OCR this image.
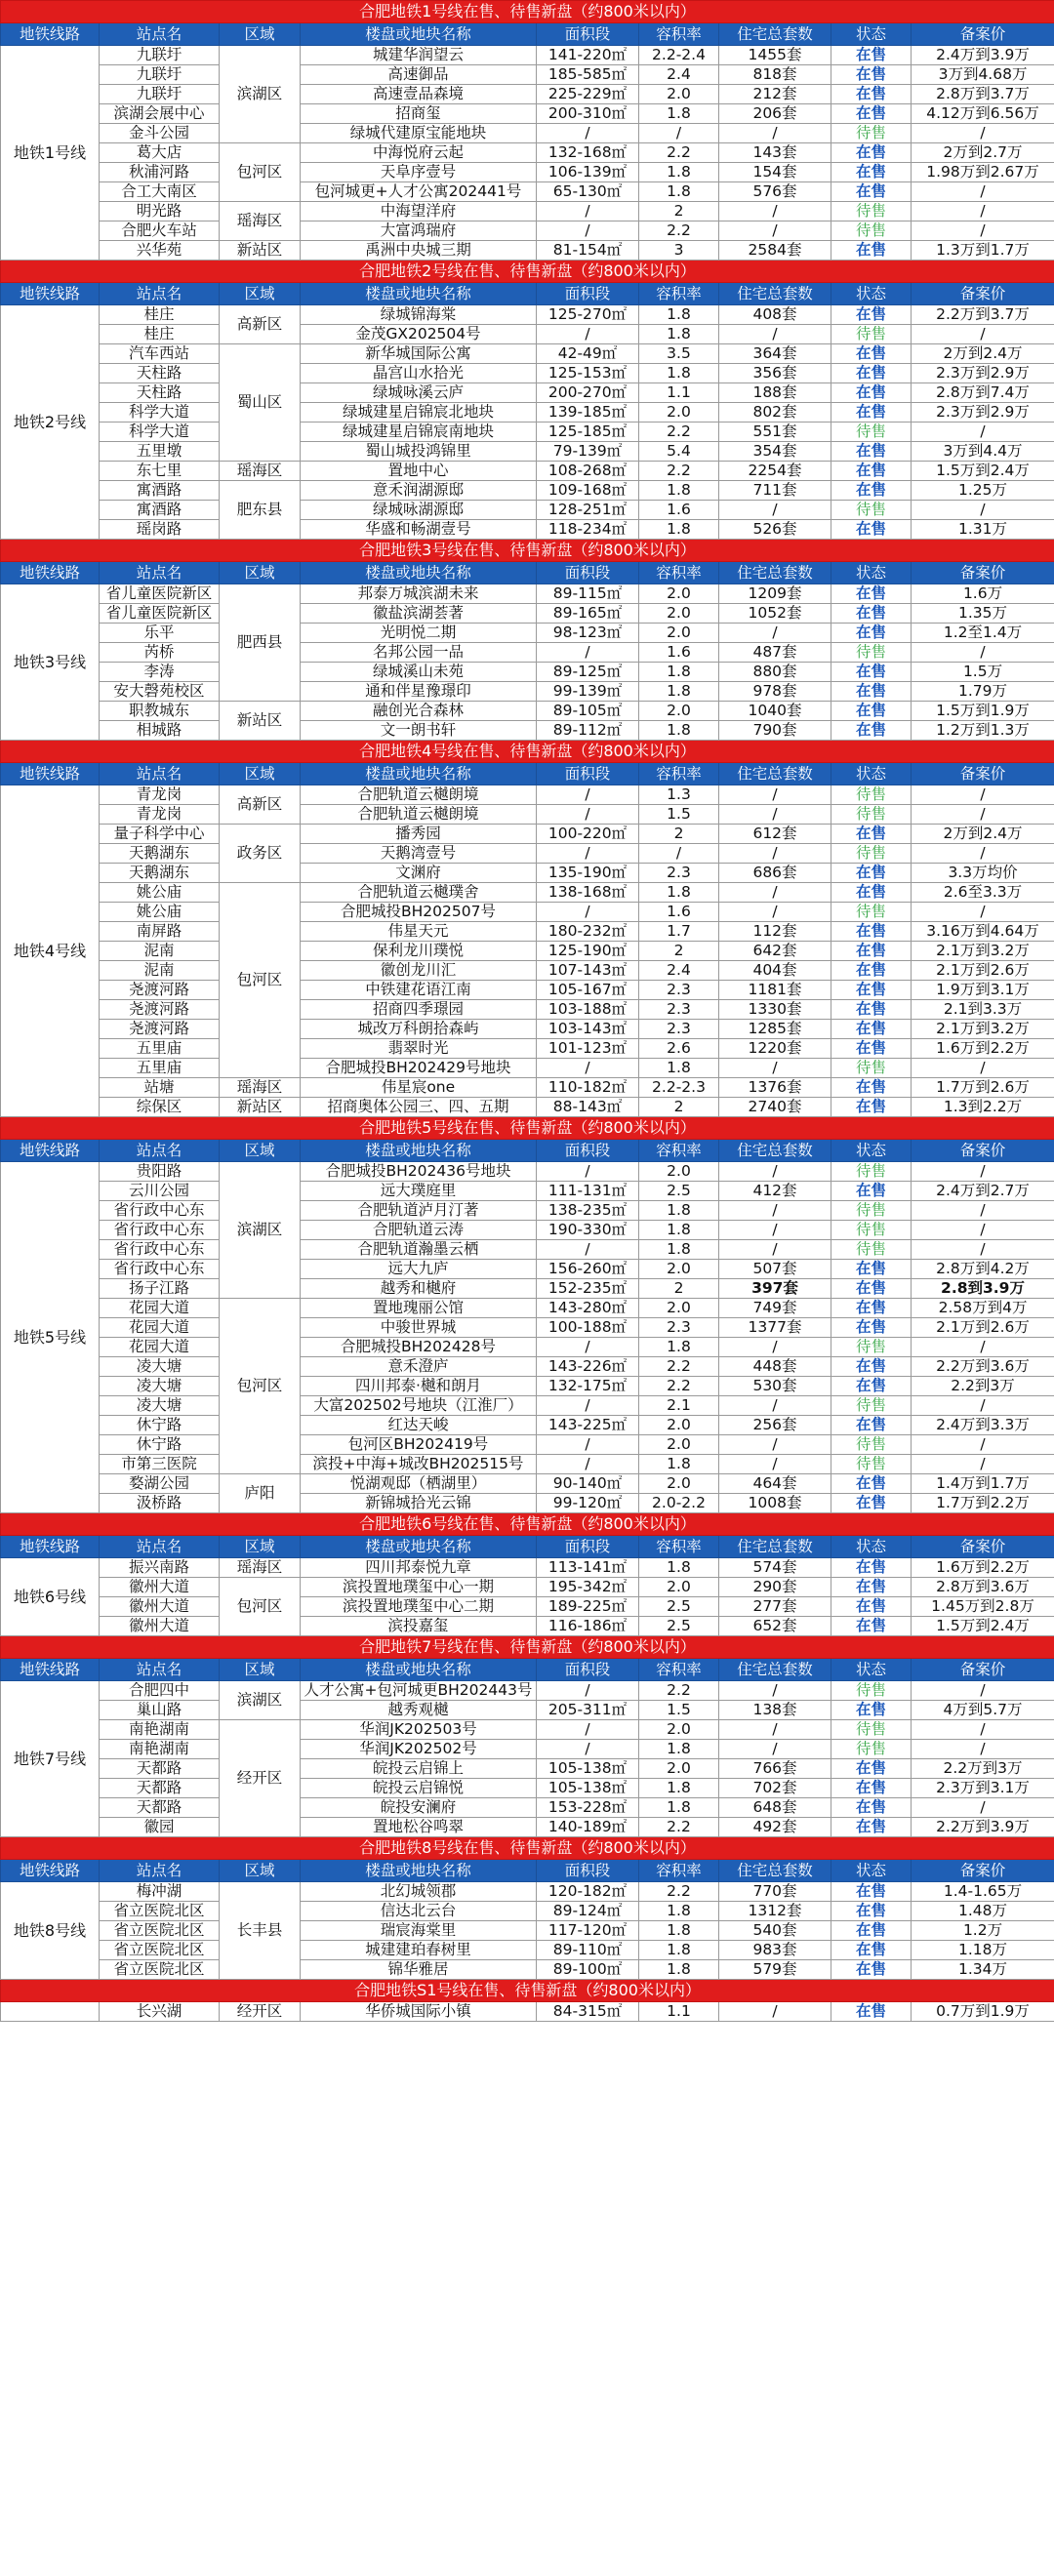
合肥地铁1号线在售、待售新盘（约800米以内）								
地铁线路	站点名	区域	楼盘或地块名称	面积段	容积率	住宅总套数	状态	备案价
地铁1号线	九联圩	滨湖区	城建华润望云	141-220㎡	2.2-2.4	1455套	在售	2.4万到3.9万
	九联圩		高速御品	185-585㎡	2.4	818套	在售	3万到4.68万
	九联圩		高速壹品森境	225-229㎡	2.0	212套	在售	2.8万到3.7万
	滨湖会展中心		招商玺	200-310㎡	1.8	206套	在售	4.12万到6.56万
	金斗公园		绿城代建原宝能地块	/	/	/	待售	/
	葛大店	包河区	中海悦府云起	132-168㎡	2.2	143套	在售	2万到2.7万
	秋浦河路		天阜序壹号	106-139㎡	1.8	154套	在售	1.98万到2.67万
	合工大南区		包河城更+人才公寓202441号	65-130㎡	1.8	576套	在售	/
	明光路	瑶海区	中海望洋府	/	2	/	待售	/
	合肥火车站		大富鸿瑞府	/	2.2	/	待售	/
	兴华苑	新站区	禹洲中央城三期	81-154㎡	3	2584套	在售	1.3万到1.7万
合肥地铁2号线在售、待售新盘（约800米以内）								
地铁线路	站点名	区域	楼盘或地块名称	面积段	容积率	住宅总套数	状态	备案价
地铁2号线	桂庄	高新区	绿城锦海棠	125-270㎡	1.8	408套	在售	2.2万到3.7万
	桂庄		金茂GX202504号	/	1.8	/	待售	/
	汽车西站	蜀山区	新华城国际公寓	42-49㎡	3.5	364套	在售	2万到2.4万
	天柱路		晶宫山水拾光	125-153㎡	1.8	356套	在售	2.3万到2.9万
	天柱路		绿城咏溪云庐	200-270㎡	1.1	188套	在售	2.8万到7.4万
	科学大道		绿城建星启锦宸北地块	139-185㎡	2.0	802套	在售	2.3万到2.9万
	科学大道		绿城建星启锦宸南地块	125-185㎡	2.2	551套	待售	/
	五里墩		蜀山城投鸿锦里	79-139㎡	5.4	354套	在售	3万到4.4万
	东七里	瑶海区	置地中心	108-268㎡	2.2	2254套	在售	1.5万到2.4万
	寓酒路	肥东县	意禾润湖源邸	109-168㎡	1.8	711套	在售	1.25万
	寓酒路		绿城咏湖源邸	128-251㎡	1.6	/	待售	/
	瑶岗路		华盛和畅湖壹号	118-234㎡	1.8	526套	在售	1.31万
合肥地铁3号线在售、待售新盘（约800米以内）								
地铁线路	站点名	区域	楼盘或地块名称	面积段	容积率	住宅总套数	状态	备案价
地铁3号线	省儿童医院新区	肥西县	邦泰万城滨湖未来	89-115㎡	2.0	1209套	在售	1.6万
	省儿童医院新区		徽盐滨湖荟著	89-165㎡	2.0	1052套	在售	1.35万
	乐平		光明悦二期	98-123㎡	2.0	/	在售	1.2至1.4万
	芮桥		名邦公园一品	/	1.6	487套	待售	/
	李涛		绿城溪山未苑	89-125㎡	1.8	880套	在售	1.5万
	安大磬苑校区		通和伴星豫璟印	99-139㎡	1.8	978套	在售	1.79万
	职教城东	新站区	融创光合森林	89-105㎡	2.0	1040套	在售	1.5万到1.9万
	相城路		文一朗书轩	89-112㎡	1.8	790套	在售	1.2万到1.3万
合肥地铁4号线在售、待售新盘（约800米以内）								
地铁线路	站点名	区域	楼盘或地块名称	面积段	容积率	住宅总套数	状态	备案价
地铁4号线	青龙岗	高新区	合肥轨道云樾朗境	/	1.3	/	待售	/
	青龙岗		合肥轨道云樾朗境	/	1.5	/	待售	/
	量子科学中心	政务区	播秀园	100-220㎡	2	612套	在售	2万到2.4万
	天鹅湖东		天鹅湾壹号	/	/	/	待售	/
	天鹅湖东		文渊府	135-190㎡	2.3	686套	在售	3.3万均价
	姚公庙	包河区	合肥轨道云樾璞舍	138-168㎡	1.8	/	在售	2.6至3.3万
	姚公庙		合肥城投BH202507号	/	1.6	/	待售	/
	南屏路		伟星天元	180-232㎡	1.7	112套	在售	3.16万到4.64万
	泥南		保利龙川璞悦	125-190㎡	2	642套	在售	2.1万到3.2万
	泥南		徽创龙川汇	107-143㎡	2.4	404套	在售	2.1万到2.6万
	尧渡河路		中铁建花语江南	105-167㎡	2.3	1181套	在售	1.9万到3.1万
	尧渡河路		招商四季璟园	103-188㎡	2.3	1330套	在售	2.1到3.3万
	尧渡河路		城改万科朗拾森屿	103-143㎡	2.3	1285套	在售	2.1万到3.2万
	五里庙		翡翠时光	101-123㎡	2.6	1220套	在售	1.6万到2.2万
	五里庙		合肥城投BH202429号地块	/	1.8	/	待售	/
	站塘	瑶海区	伟星宸one	110-182㎡	2.2-2.3	1376套	在售	1.7万到2.6万
	综保区	新站区	招商奥体公园三、四、五期	88-143㎡	2	2740套	在售	1.3到2.2万
合肥地铁5号线在售、待售新盘（约800米以内）								
地铁线路	站点名	区域	楼盘或地块名称	面积段	容积率	住宅总套数	状态	备案价
地铁5号线	贵阳路	滨湖区	合肥城投BH202436号地块	/	2.0	/	待售	/
	云川公园		远大璞庭里	111-131㎡	2.5	412套	在售	2.4万到2.7万
	省行政中心东		合肥轨道泸月汀著	138-235㎡	1.8	/	待售	/
	省行政中心东		合肥轨道云涛	190-330㎡	1.8	/	待售	/
	省行政中心东		合肥轨道瀚墨云栖	/	1.8	/	待售	/
	省行政中心东		远大九庐	156-260㎡	2.0	507套	在售	2.8万到4.2万
	扬子江路		越秀和樾府	152-235㎡	2	397套	在售	2.8到3.9万
	花园大道	包河区	置地瑰丽公馆	143-280㎡	2.0	749套	在售	2.58万到4万
	花园大道		中骏世界城	100-188㎡	2.3	1377套	在售	2.1万到2.6万
	花园大道		合肥城投BH202428号	/	1.8	/	待售	/
	凌大塘		意禾澄庐	143-226㎡	2.2	448套	在售	2.2万到3.6万
	凌大塘		四川邦泰·樾和朗月	132-175㎡	2.2	530套	在售	2.2到3万
	凌大塘		大富202502号地块（江淮厂）	/	2.1	/	待售	/
	休宁路		红达天峻	143-225㎡	2.0	256套	在售	2.4万到3.3万
	休宁路		包河区BH202419号	/	2.0	/	待售	/
	市第三医院		滨投+中海+城改BH202515号	/	1.8	/	待售	/
	婺湖公园	庐阳	悦湖观邸（栖湖里）	90-140㎡	2.0	464套	在售	1.4万到1.7万
	汲桥路		新锦城拾光云锦	99-120㎡	2.0-2.2	1008套	在售	1.7万到2.2万
合肥地铁6号线在售、待售新盘（约800米以内）								
地铁线路	站点名	区域	楼盘或地块名称	面积段	容积率	住宅总套数	状态	备案价
地铁6号线	振兴南路	瑶海区	四川邦泰悦九章	113-141㎡	1.8	574套	在售	1.6万到2.2万
	徽州大道	包河区	滨投置地璞玺中心一期	195-342㎡	2.0	290套	在售	2.8万到3.6万
	徽州大道		滨投置地璞玺中心二期	189-225㎡	2.5	277套	在售	1.45万到2.8万
	徽州大道		滨投嘉玺	116-186㎡	2.5	652套	在售	1.5万到2.4万
合肥地铁7号线在售、待售新盘（约800米以内）								
地铁线路	站点名	区域	楼盘或地块名称	面积段	容积率	住宅总套数	状态	备案价
地铁7号线	合肥四中	滨湖区	人才公寓+包河城更BH202443号	/	2.2	/	待售	/
	巢山路		越秀观樾	205-311㎡	1.5	138套	在售	4万到5.7万
	南艳湖南	经开区	华润JK202503号	/	2.0	/	待售	/
	南艳湖南		华润JK202502号	/	1.8	/	待售	/
	天都路		皖投云启锦上	105-138㎡	2.0	766套	在售	2.2万到3万
	天都路		皖投云启锦悦	105-138㎡	1.8	702套	在售	2.3万到3.1万
	天都路		皖投安澜府	153-228㎡	1.8	648套	在售	/
	徽园		置地松谷鸣翠	140-189㎡	2.2	492套	在售	2.2万到3.9万
合肥地铁8号线在售、待售新盘（约800米以内）								
地铁线路	站点名	区域	楼盘或地块名称	面积段	容积率	住宅总套数	状态	备案价
地铁8号线	梅冲湖	长丰县	北幻城领郡	120-182㎡	2.2	770套	在售	1.4-1.65万
	省立医院北区		信达北云台	89-124㎡	1.8	1312套	在售	1.48万
	省立医院北区		瑞宸海棠里	117-120㎡	1.8	540套	在售	1.2万
	省立医院北区		城建建珀春树里	89-110㎡	1.8	983套	在售	1.18万
	省立医院北区		锦华雅居	89-100㎡	1.8	579套	在售	1.34万
合肥地铁S1号线在售、待售新盘（约800米以内）								
	长兴湖	经开区	华侨城国际小镇	84-315㎡	1.1	/	在售	0.7万到1.9万
